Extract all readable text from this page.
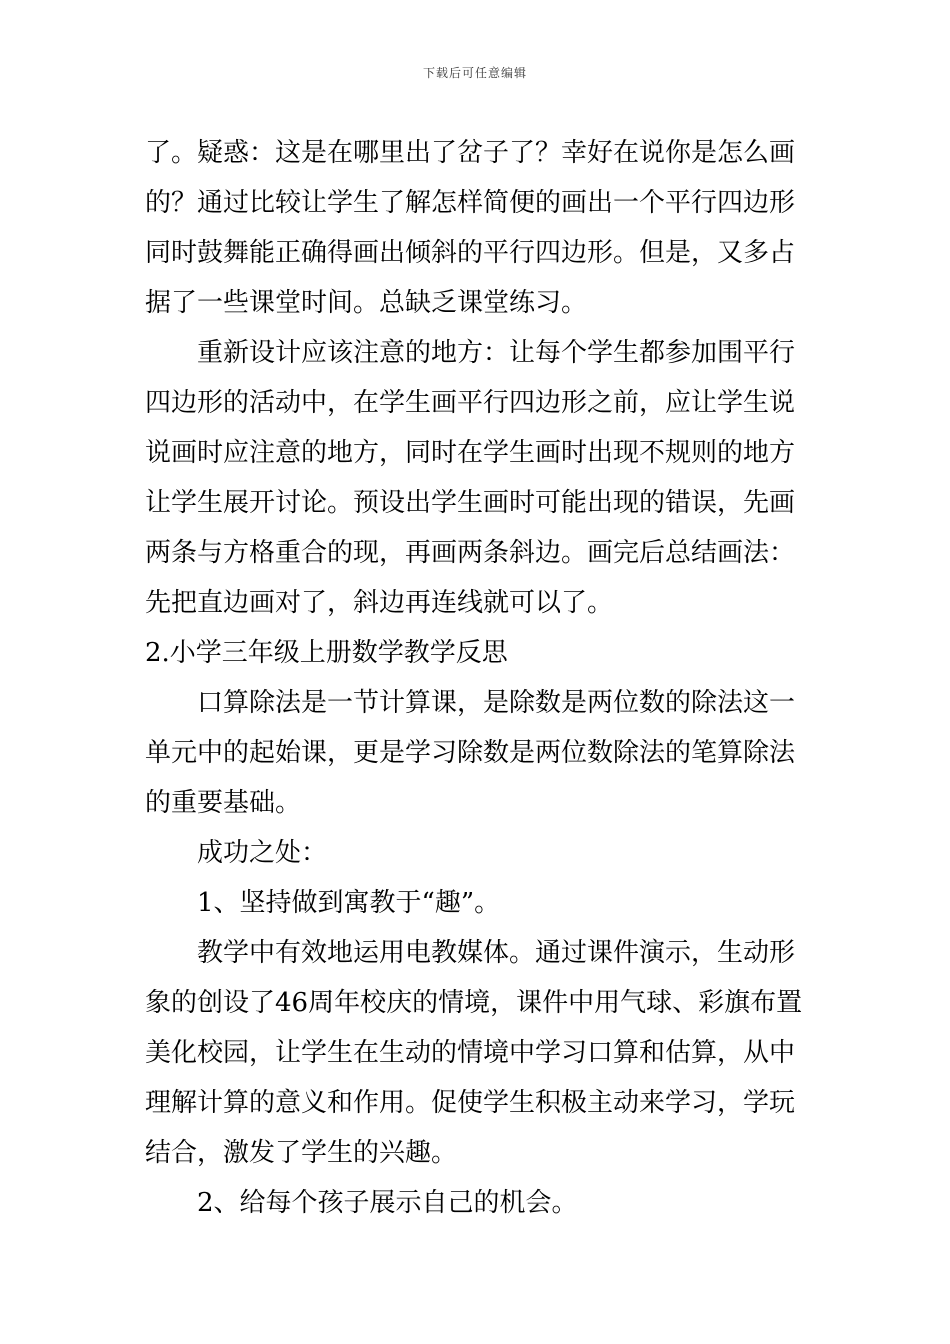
下载后可任意编辑
了。疑惑：这是在哪里出了岔子了？幸好在说你是怎么画
的？通过比较让学生了解怎样简便的画出一个平行四边形
同时鼓舞能正确得画出倾斜的平行四边形。但是，又多占
据了一些课堂时间。总缺乏课堂练习。
重新设计应该注意的地方：让每个学生都参加围平行
四边形的活动中，在学生画平行四边形之前，应让学生说
说画时应注意的地方，同时在学生画时出现不规则的地方
让学生展开讨论。预设出学生画时可能出现的错误，先画
两条与方格重合的现，再画两条斜边。画完后总结画法：
先把直边画对了，斜边再连线就可以了。
2.小学三年级上册数学教学反思
口算除法是一节计算课，是除数是两位数的除法这一
单元中的起始课，更是学习除数是两位数除法的笔算除法
的重要基础。
成功之处：
1、坚持做到寓教于“趣”。
教学中有效地运用电教媒体。通过课件演示，生动形
象的创设了46周年校庆的情境，课件中用气球、彩旗布置
美化校园，让学生在生动的情境中学习口算和估算，从中
理解计算的意义和作用。促使学生积极主动来学习，学玩
结合，激发了学生的兴趣。
2、给每个孩子展示自己的机会。
